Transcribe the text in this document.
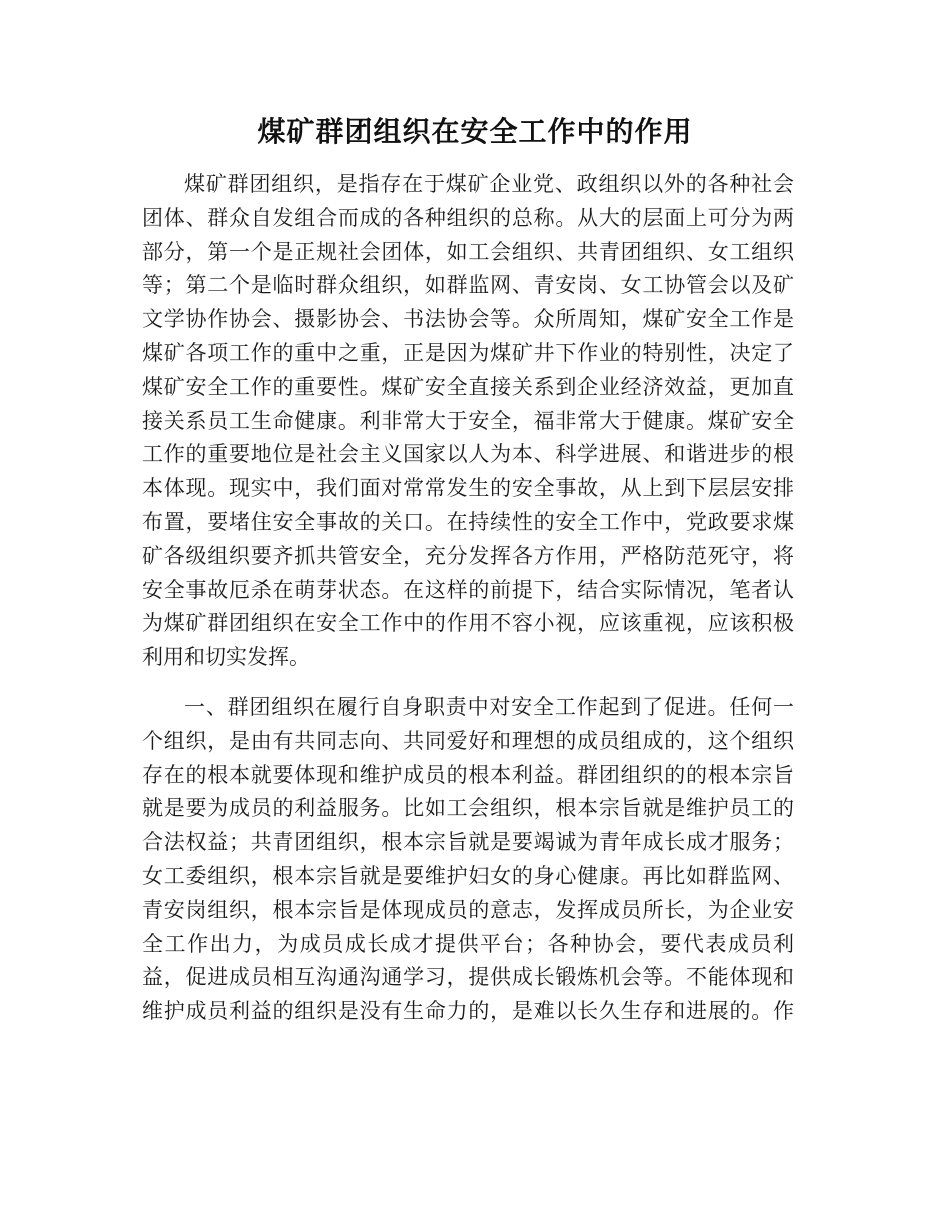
煤矿群团组织在安全工作中的作用

煤矿群团组织，是指存在于煤矿企业党、政组织以外的各种社会
团体、群众自发组合而成的各种组织的总称。从大的层面上可分为两
部分，第一个是正规社会团体，如工会组织、共青团组织、女工组织
等；第二个是临时群众组织，如群监网、青安岗、女工协管会以及矿
文学协作协会、摄影协会、书法协会等。众所周知，煤矿安全工作是
煤矿各项工作的重中之重，正是因为煤矿井下作业的特别性，决定了
煤矿安全工作的重要性。煤矿安全直接关系到企业经济效益，更加直
接关系员工生命健康。利非常大于安全，福非常大于健康。煤矿安全
工作的重要地位是社会主义国家以人为本、科学进展、和谐进步的根
本体现。现实中，我们面对常常发生的安全事故，从上到下层层安排
布置，要堵住安全事故的关口。在持续性的安全工作中，党政要求煤
矿各级组织要齐抓共管安全，充分发挥各方作用，严格防范死守，将
安全事故厄杀在萌芽状态。在这样的前提下，结合实际情况，笔者认
为煤矿群团组织在安全工作中的作用不容小视，应该重视，应该积极
利用和切实发挥。

一、群团组织在履行自身职责中对安全工作起到了促进。任何一
个组织，是由有共同志向、共同爱好和理想的成员组成的，这个组织
存在的根本就要体现和维护成员的根本利益。群团组织的的根本宗旨
就是要为成员的利益服务。比如工会组织，根本宗旨就是维护员工的
合法权益；共青团组织，根本宗旨就是要竭诚为青年成长成才服务；
女工委组织，根本宗旨就是要维护妇女的身心健康。再比如群监网、
青安岗组织，根本宗旨是体现成员的意志，发挥成员所长，为企业安
全工作出力，为成员成长成才提供平台；各种协会，要代表成员利
益，促进成员相互沟通沟通学习，提供成长锻炼机会等。不能体现和
维护成员利益的组织是没有生命力的，是难以长久生存和进展的。作
